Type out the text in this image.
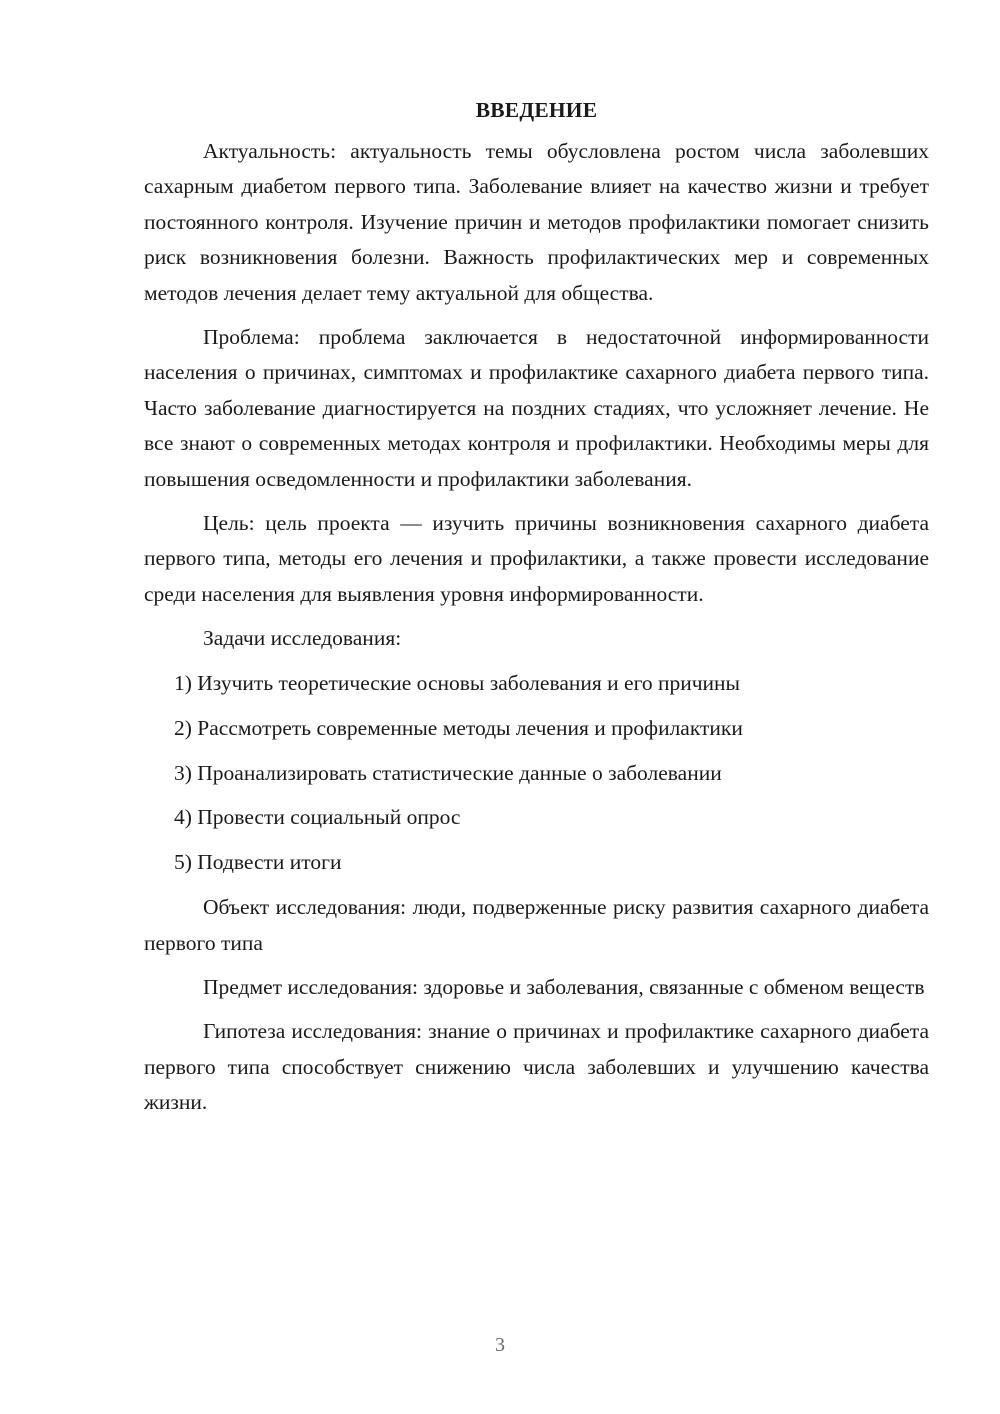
ВВЕДЕНИЕ

Актуальность: актуальность темы обусловлена ростом числа заболевших сахарным диабетом первого типа. Заболевание влияет на качество жизни и требует постоянного контроля. Изучение причин и методов профилактики помогает снизить риск возникновения болезни. Важность профилактических мер и современных методов лечения делает тему актуальной для общества.

Проблема: проблема заключается в недостаточной информированности населения о причинах, симптомах и профилактике сахарного диабета первого типа. Часто заболевание диагностируется на поздних стадиях, что усложняет лечение. Не все знают о современных методах контроля и профилактики. Необходимы меры для повышения осведомленности и профилактики заболевания.

Цель: цель проекта — изучить причины возникновения сахарного диабета первого типа, методы его лечения и профилактики, а также провести исследование среди населения для выявления уровня информированности.

Задачи исследования:

1) Изучить теоретические основы заболевания и его причины

2) Рассмотреть современные методы лечения и профилактики

3) Проанализировать статистические данные о заболевании

4) Провести социальный опрос

5) Подвести итоги

Объект исследования: люди, подверженные риску развития сахарного диабета первого типа

Предмет исследования: здоровье и заболевания, связанные с обменом веществ

Гипотеза исследования: знание о причинах и профилактике сахарного диабета первого типа способствует снижению числа заболевших и улучшению качества жизни.

3
